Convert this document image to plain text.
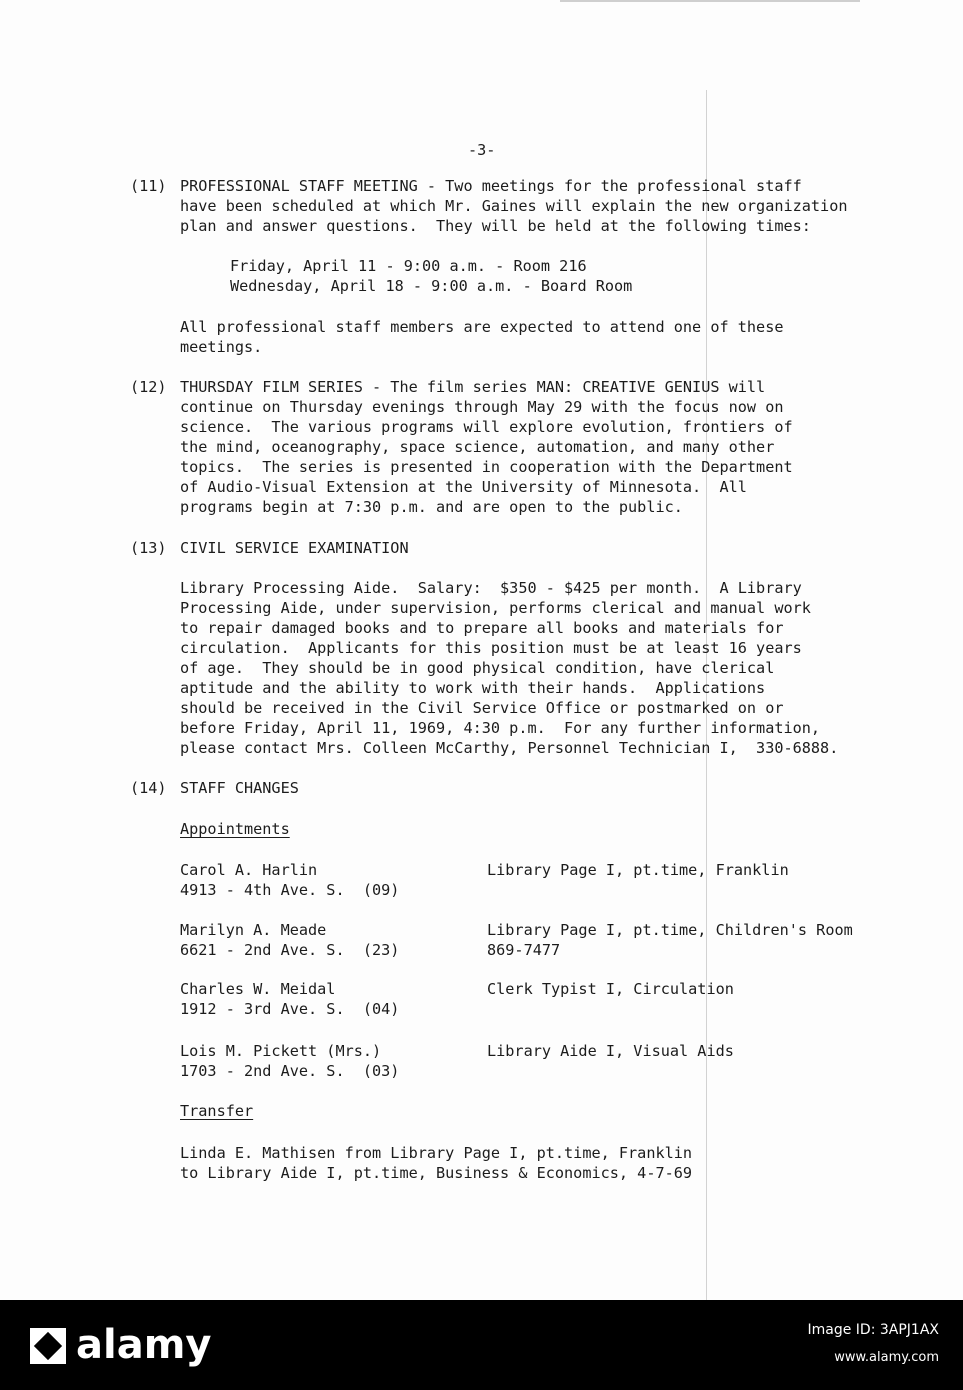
-3-
(11) PROFESSIONAL STAFF MEETING - Two meetings for the professional staff
have been scheduled at which Mr. Gaines will explain the new organization
plan and answer questions.  They will be held at the following times:
Friday, April 11 - 9:00 a.m. - Room 216
Wednesday, April 18 - 9:00 a.m. - Board Room
All professional staff members are expected to attend one of these
meetings.
(12) THURSDAY FILM SERIES - The film series MAN: CREATIVE GENIUS will
continue on Thursday evenings through May 29 with the focus now on
science.  The various programs will explore evolution, frontiers of
the mind, oceanography, space science, automation, and many other
topics.  The series is presented in cooperation with the Department
of Audio-Visual Extension at the University of Minnesota.  All
programs begin at 7:30 p.m. and are open to the public.
(13) CIVIL SERVICE EXAMINATION
Library Processing Aide.  Salary:  $350 - $425 per month.  A Library
Processing Aide, under supervision, performs clerical and manual work
to repair damaged books and to prepare all books and materials for
circulation.  Applicants for this position must be at least 16 years
of age.  They should be in good physical condition, have clerical
aptitude and the ability to work with their hands.  Applications
should be received in the Civil Service Office or postmarked on or
before Friday, April 11, 1969, 4:30 p.m.  For any further information,
please contact Mrs. Colleen McCarthy, Personnel Technician I,  330-6888.
(14) STAFF CHANGES
Appointments
Carol A. Harlin
4913 - 4th Ave. S.  (09)
Library Page I, pt.time, Franklin
Marilyn A. Meade
6621 - 2nd Ave. S.  (23)
Library Page I, pt.time, Children's Room
869-7477
Charles W. Meidal
1912 - 3rd Ave. S.  (04)
Clerk Typist I, Circulation
Lois M. Pickett (Mrs.)
1703 - 2nd Ave. S.  (03)
Library Aide I, Visual Aids
Transfer
Linda E. Mathisen from Library Page I, pt.time, Franklin
to Library Aide I, pt.time, Business & Economics, 4-7-69
alamy	Image ID: 3APJ1AX
www.alamy.com
